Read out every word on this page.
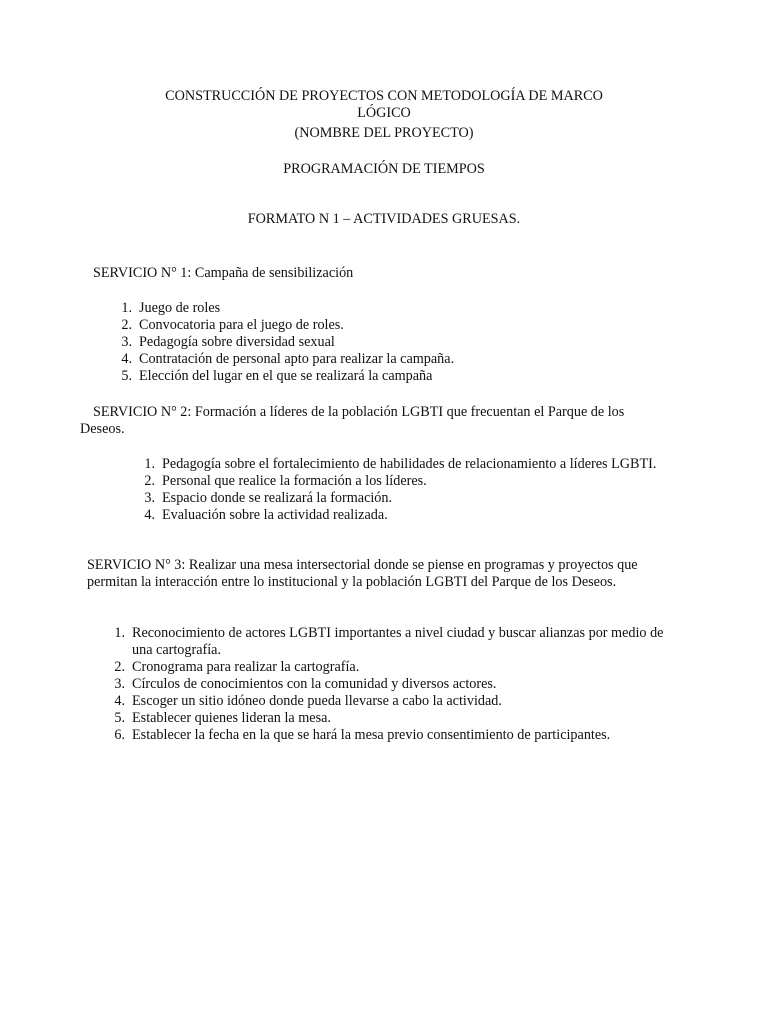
CONSTRUCCIÓN DE PROYECTOS CON METODOLOGÍA DE MARCO
LÓGICO
(NOMBRE DEL PROYECTO)
PROGRAMACIÓN DE TIEMPOS
FORMATO N 1 – ACTIVIDADES GRUESAS.
SERVICIO N° 1: Campaña de sensibilización
1. Juego de roles
2. Convocatoria para el juego de roles.
3. Pedagogía sobre diversidad sexual
4. Contratación de personal apto para realizar la campaña.
5. Elección del lugar en el que se realizará la campaña
SERVICIO N° 2: Formación a líderes de la población LGBTI que frecuentan el Parque de los
Deseos.
1. Pedagogía sobre el fortalecimiento de habilidades de relacionamiento a líderes LGBTI.
2. Personal que realice la formación a los líderes.
3. Espacio donde se realizará la formación.
4. Evaluación sobre la actividad realizada.
SERVICIO N° 3: Realizar una mesa intersectorial donde se piense en programas y proyectos que permitan la interacción entre lo institucional y la población LGBTI del Parque de los Deseos.
1. Reconocimiento de actores LGBTI importantes a nivel ciudad y buscar alianzas por medio de una cartografía.
2. Cronograma para realizar la cartografía.
3. Círculos de conocimientos con la comunidad y diversos actores.
4. Escoger un sitio idóneo donde pueda llevarse a cabo la actividad.
5. Establecer quienes lideran la mesa.
6. Establecer la fecha en la que se hará la mesa previo consentimiento de participantes.
